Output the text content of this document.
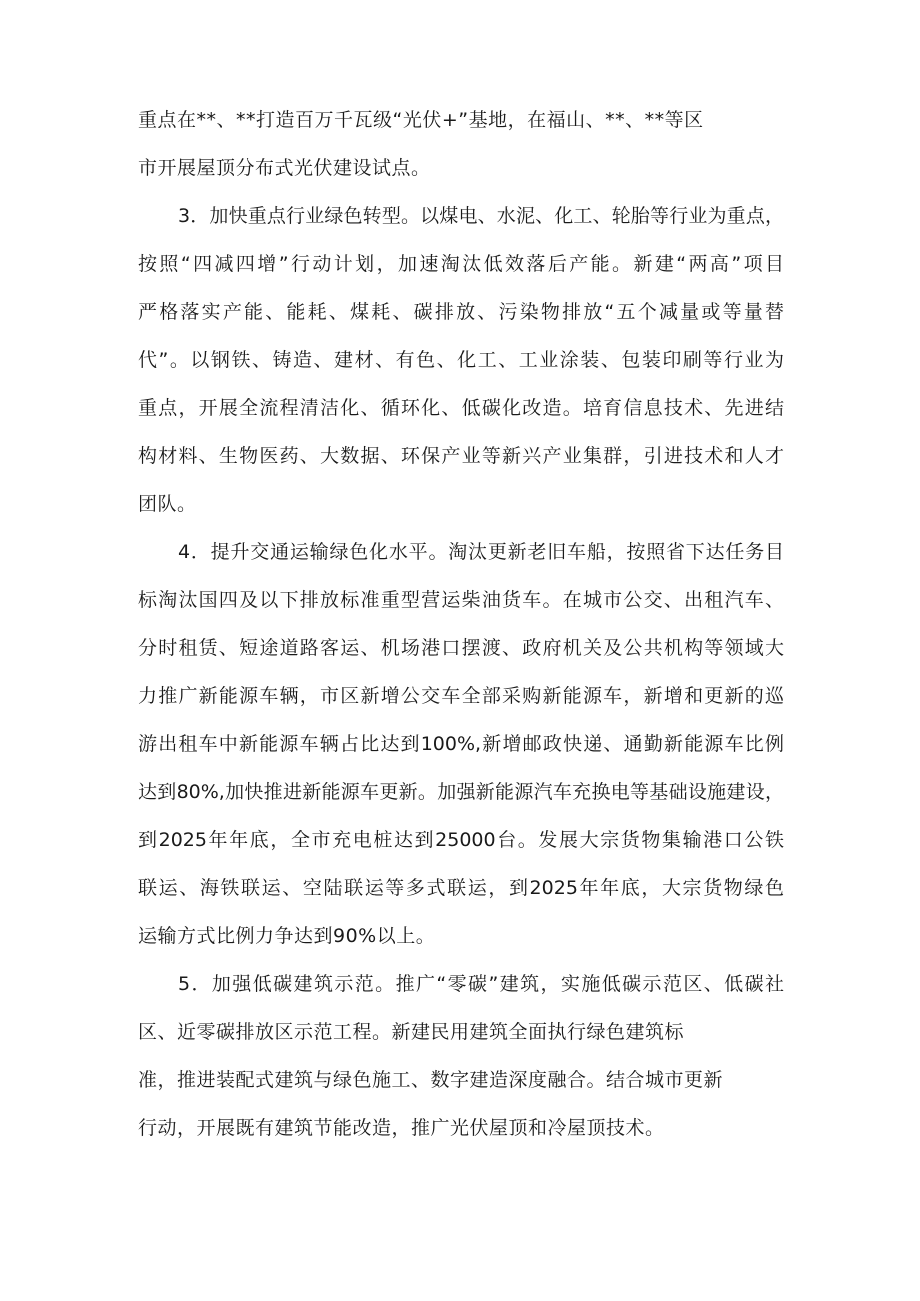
重点在**、**打造百万千瓦级“光伏+”基地，在福山、**、**等区
市开展屋顶分布式光伏建设试点。
3．加快重点行业绿色转型。以煤电、水泥、化工、轮胎等行业为重点，
按照“四减四增”行动计划，加速淘汰低效落后产能。新建“两高”项目
严格落实产能、能耗、煤耗、碳排放、污染物排放“五个减量或等量替
代”。以钢铁、铸造、建材、有色、化工、工业涂装、包装印刷等行业为
重点，开展全流程清洁化、循环化、低碳化改造。培育信息技术、先进结
构材料、生物医药、大数据、环保产业等新兴产业集群，引进技术和人才
团队。
4．提升交通运输绿色化水平。淘汰更新老旧车船，按照省下达任务目
标淘汰国四及以下排放标准重型营运柴油货车。在城市公交、出租汽车、
分时租赁、短途道路客运、机场港口摆渡、政府机关及公共机构等领域大
力推广新能源车辆，市区新增公交车全部采购新能源车，新增和更新的巡
游出租车中新能源车辆占比达到100%,新增邮政快递、通勤新能源车比例
达到80%,加快推进新能源车更新。加强新能源汽车充换电等基础设施建设，
到2025年年底，全市充电桩达到25000台。发展大宗货物集输港口公铁
联运、海铁联运、空陆联运等多式联运，到2025年年底，大宗货物绿色
运输方式比例力争达到90%以上。
5．加强低碳建筑示范。推广“零碳”建筑，实施低碳示范区、低碳社
区、近零碳排放区示范工程。新建民用建筑全面执行绿色建筑标
准，推进装配式建筑与绿色施工、数字建造深度融合。结合城市更新
行动，开展既有建筑节能改造，推广光伏屋顶和冷屋顶技术。
